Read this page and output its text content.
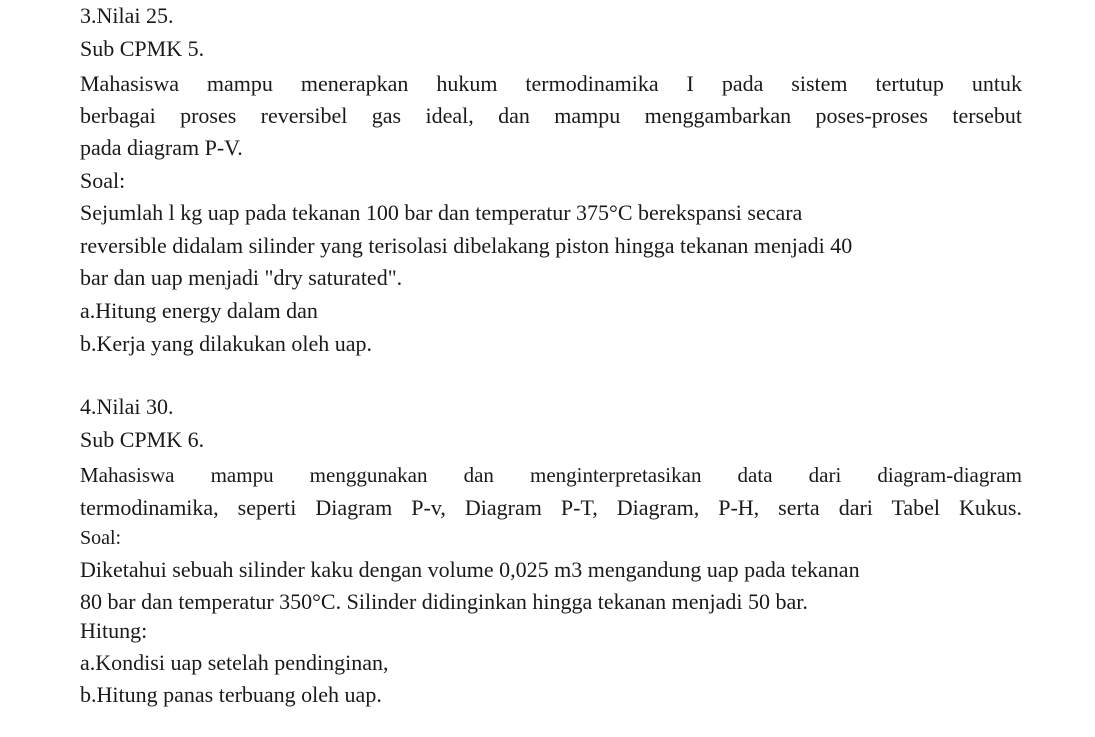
3.Nilai 25.
Sub CPMK 5.
Mahasiswa mampu menerapkan hukum termodinamika I pada sistem tertutup untuk
berbagai proses reversibel gas ideal, dan mampu menggambarkan poses-proses tersebut
pada diagram P-V.
Soal:
Sejumlah l kg uap pada tekanan 100 bar dan temperatur 375°C berekspansi secara
reversible didalam silinder yang terisolasi dibelakang piston hingga tekanan menjadi 40
bar dan uap menjadi "dry saturated".
a.Hitung energy dalam dan
b.Kerja yang dilakukan oleh uap.
4.Nilai 30.
Sub CPMK 6.
Mahasiswa mampu menggunakan dan menginterpretasikan data dari diagram-diagram
termodinamika, seperti Diagram P-v, Diagram P-T, Diagram, P-H, serta dari Tabel Kukus.
Soal:
Diketahui sebuah silinder kaku dengan volume 0,025 m3 mengandung uap pada tekanan
80 bar dan temperatur 350°C. Silinder didinginkan hingga tekanan menjadi 50 bar.
Hitung:
a.Kondisi uap setelah pendinginan,
b.Hitung panas terbuang oleh uap.
